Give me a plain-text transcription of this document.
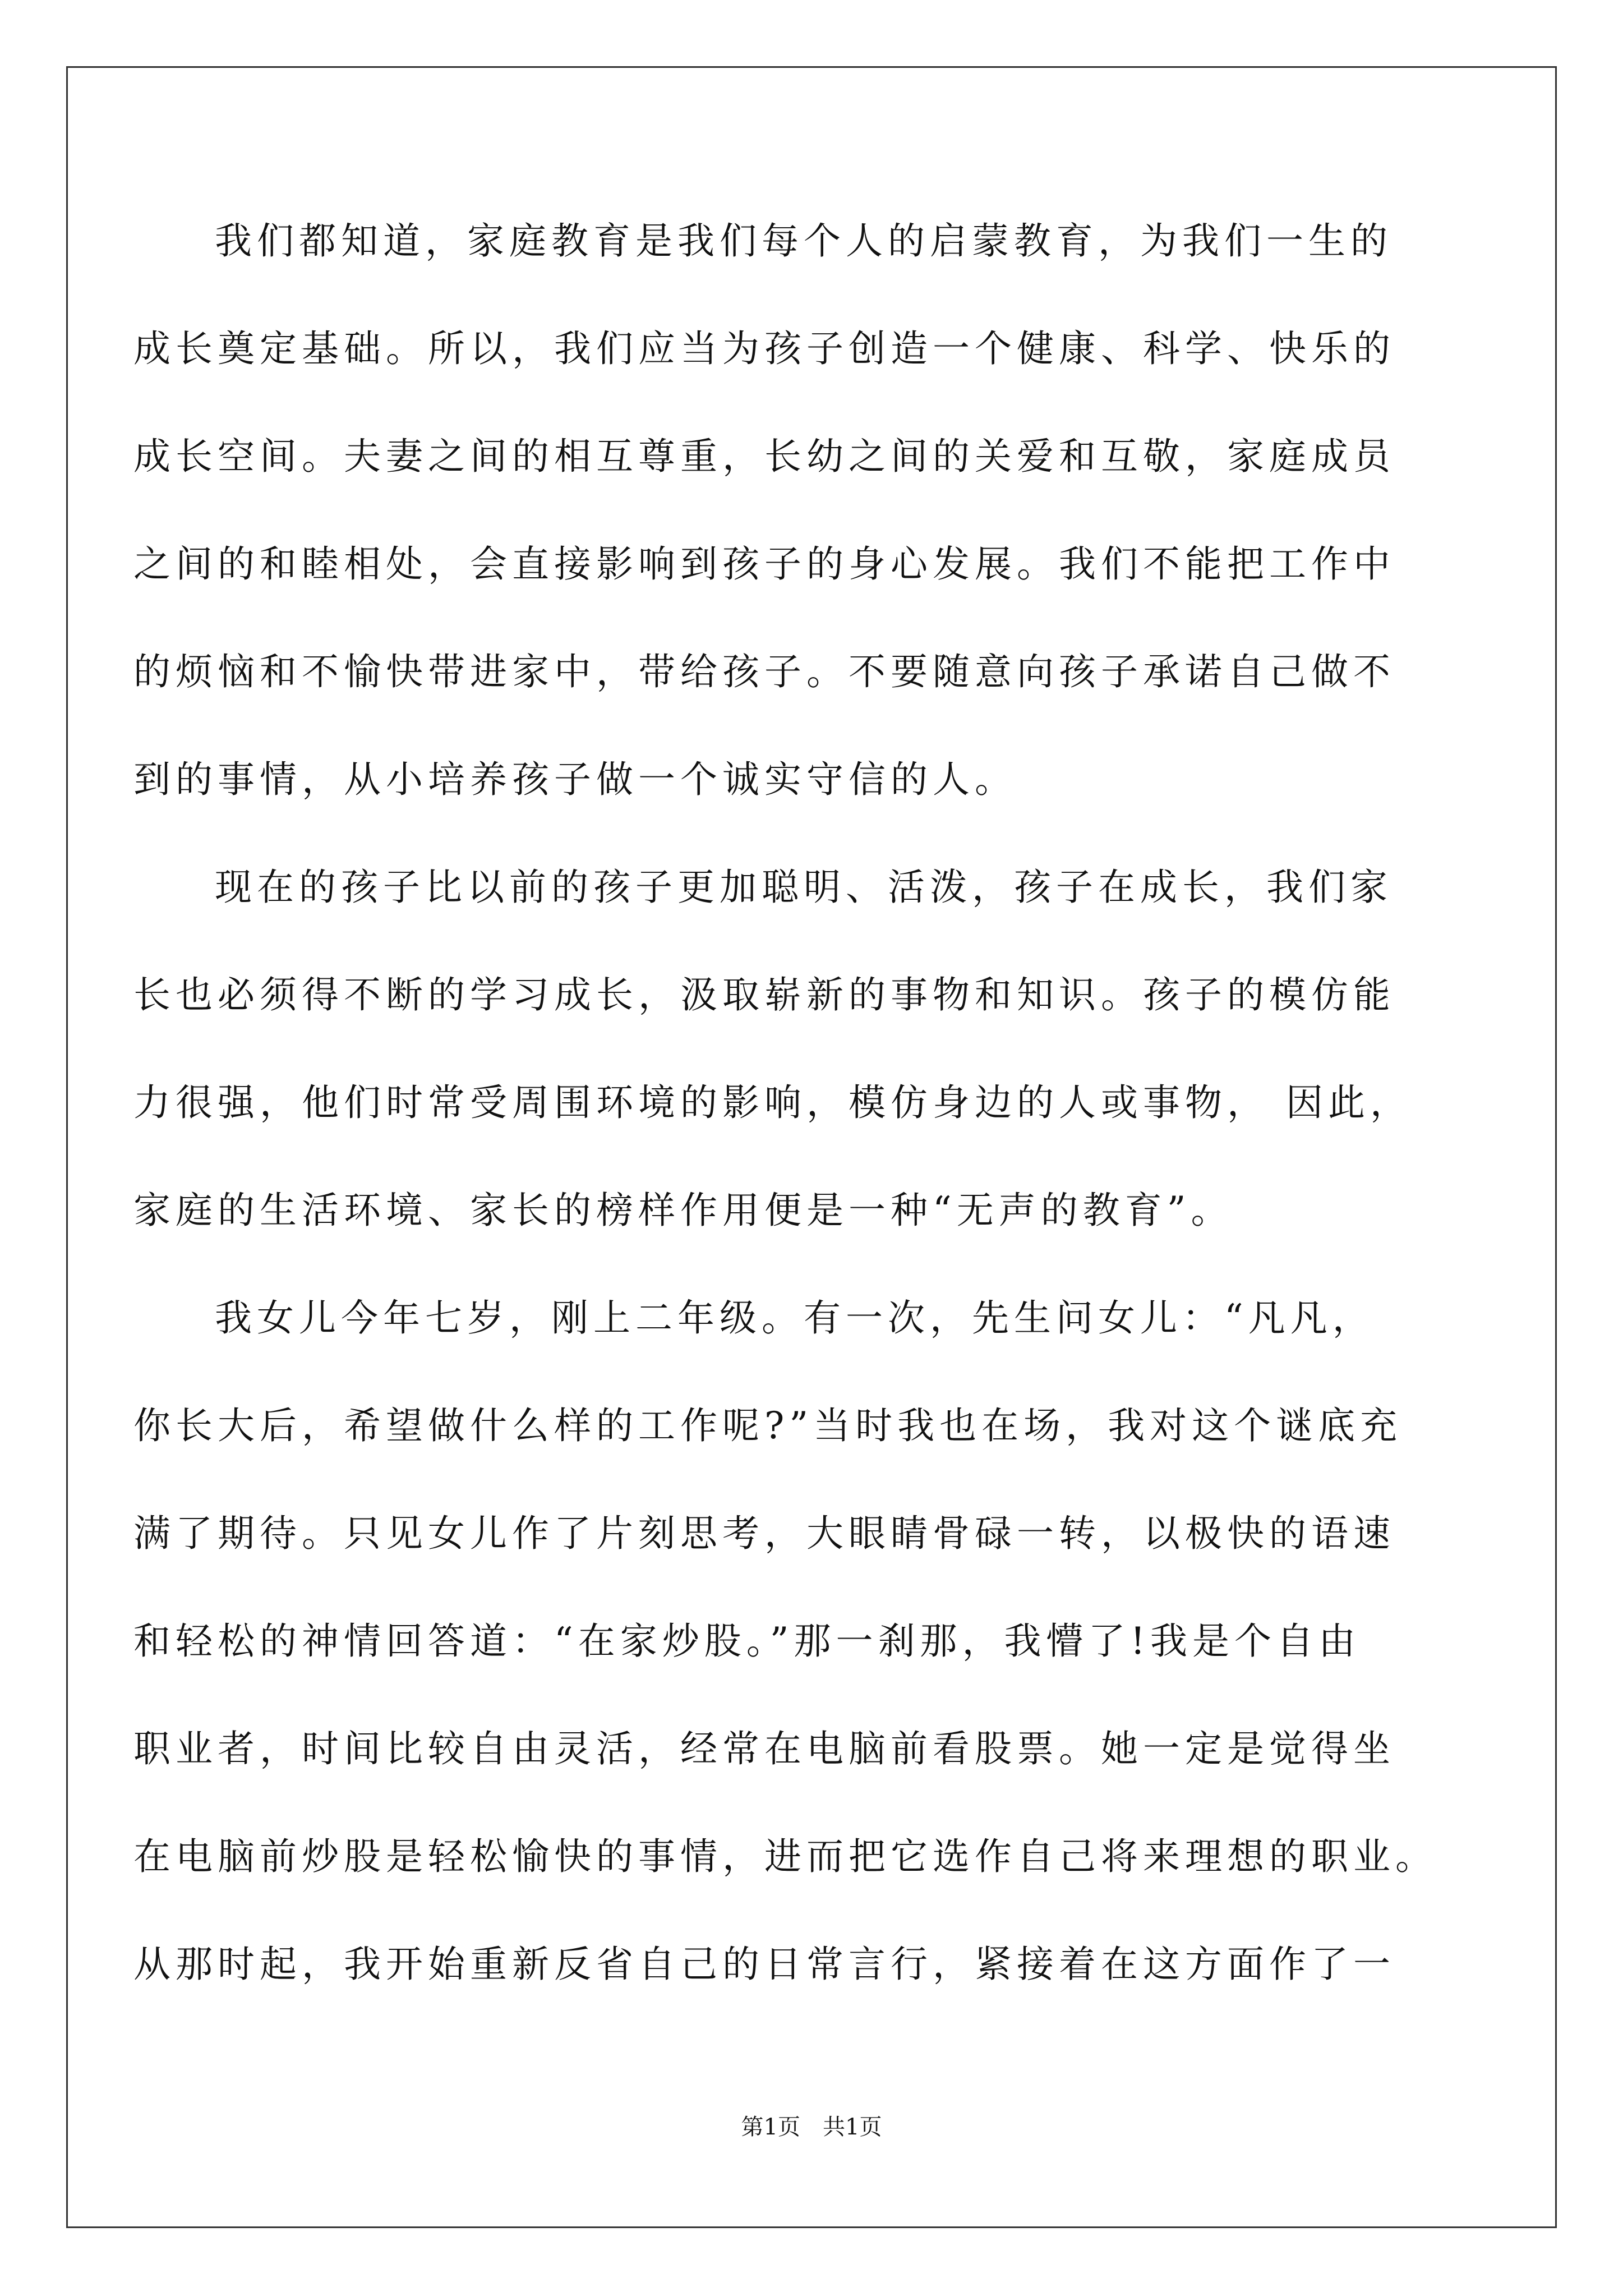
我们都知道，家庭教育是我们每个人的启蒙教育，为我们一生的
成长奠定基础。所以，我们应当为孩子创造一个健康、科学、快乐的
成长空间。夫妻之间的相互尊重，长幼之间的关爱和互敬，家庭成员
之间的和睦相处，会直接影响到孩子的身心发展。我们不能把工作中
的烦恼和不愉快带进家中，带给孩子。不要随意向孩子承诺自己做不
到的事情，从小培养孩子做一个诚实守信的人。
现在的孩子比以前的孩子更加聪明、活泼，孩子在成长，我们家
长也必须得不断的学习成长，汲取崭新的事物和知识。孩子的模仿能
力很强，他们时常受周围环境的影响，模仿身边的人或事物， 因此，
家庭的生活环境、家长的榜样作用便是一种“无声的教育”。
我女儿今年七岁，刚上二年级。有一次，先生问女儿：“凡凡，
你长大后，希望做什么样的工作呢?”当时我也在场，我对这个谜底充
满了期待。只见女儿作了片刻思考，大眼睛骨碌一转，以极快的语速
和轻松的神情回答道：“在家炒股。”那一刹那，我懵了!我是个自由
职业者，时间比较自由灵活，经常在电脑前看股票。她一定是觉得坐
在电脑前炒股是轻松愉快的事情，进而把它选作自己将来理想的职业。
从那时起，我开始重新反省自己的日常言行，紧接着在这方面作了一
第1页　共1页
